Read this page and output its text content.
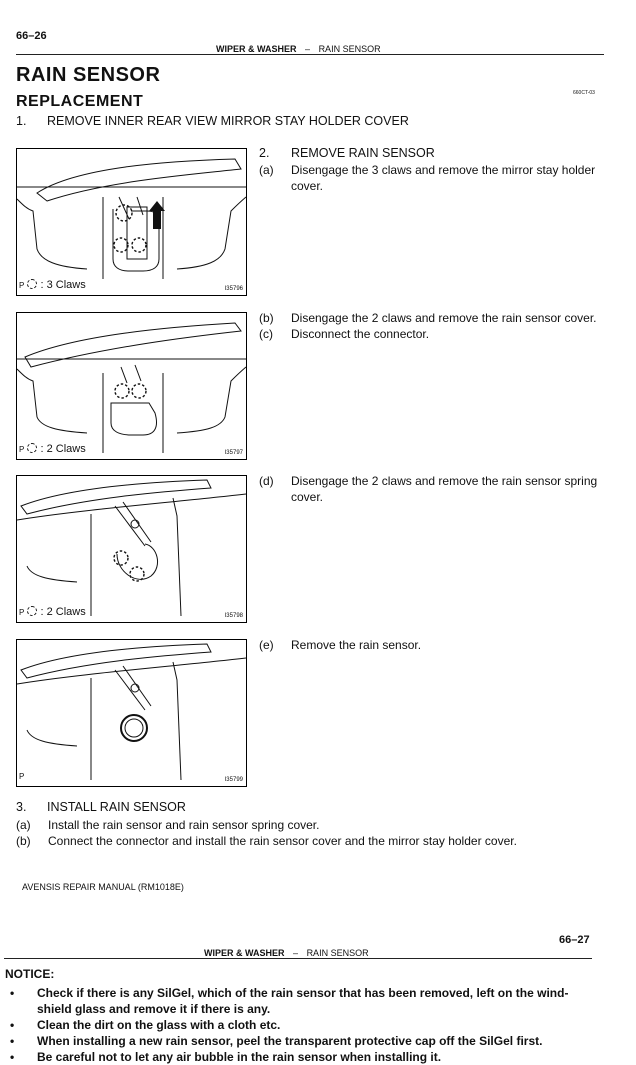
66–26
WIPER & WASHER – RAIN SENSOR
RAIN SENSOR
REPLACEMENT	660CT-03
1. REMOVE INNER REAR VIEW MIRROR STAY HOLDER COVER
P : 3 Claws	I35796
2. REMOVE RAIN SENSOR
(a) Disengage the 3 claws and remove the mirror stay holder cover.
P : 2 Claws	I35797
(b) Disengage the 2 claws and remove the rain sensor cover.
(c) Disconnect the connector.
P : 2 Claws	I35798
(d) Disengage the 2 claws and remove the rain sensor spring cover.
P	I35799
(e) Remove the rain sensor.
3. INSTALL RAIN SENSOR
(a) Install the rain sensor and rain sensor spring cover.
(b) Connect the connector and install the rain sensor cover and the mirror stay holder cover.
AVENSIS REPAIR MANUAL (RM1018E)
66–27
WIPER & WASHER – RAIN SENSOR
NOTICE:
• Check if there is any SilGel, which of the rain sensor that has been removed, left on the wind-shield glass and remove it if there is any.
• Clean the dirt on the glass with a cloth etc.
• When installing a new rain sensor, peel the transparent protective cap off the SilGel first.
• Be careful not to let any air bubble in the rain sensor when installing it.
